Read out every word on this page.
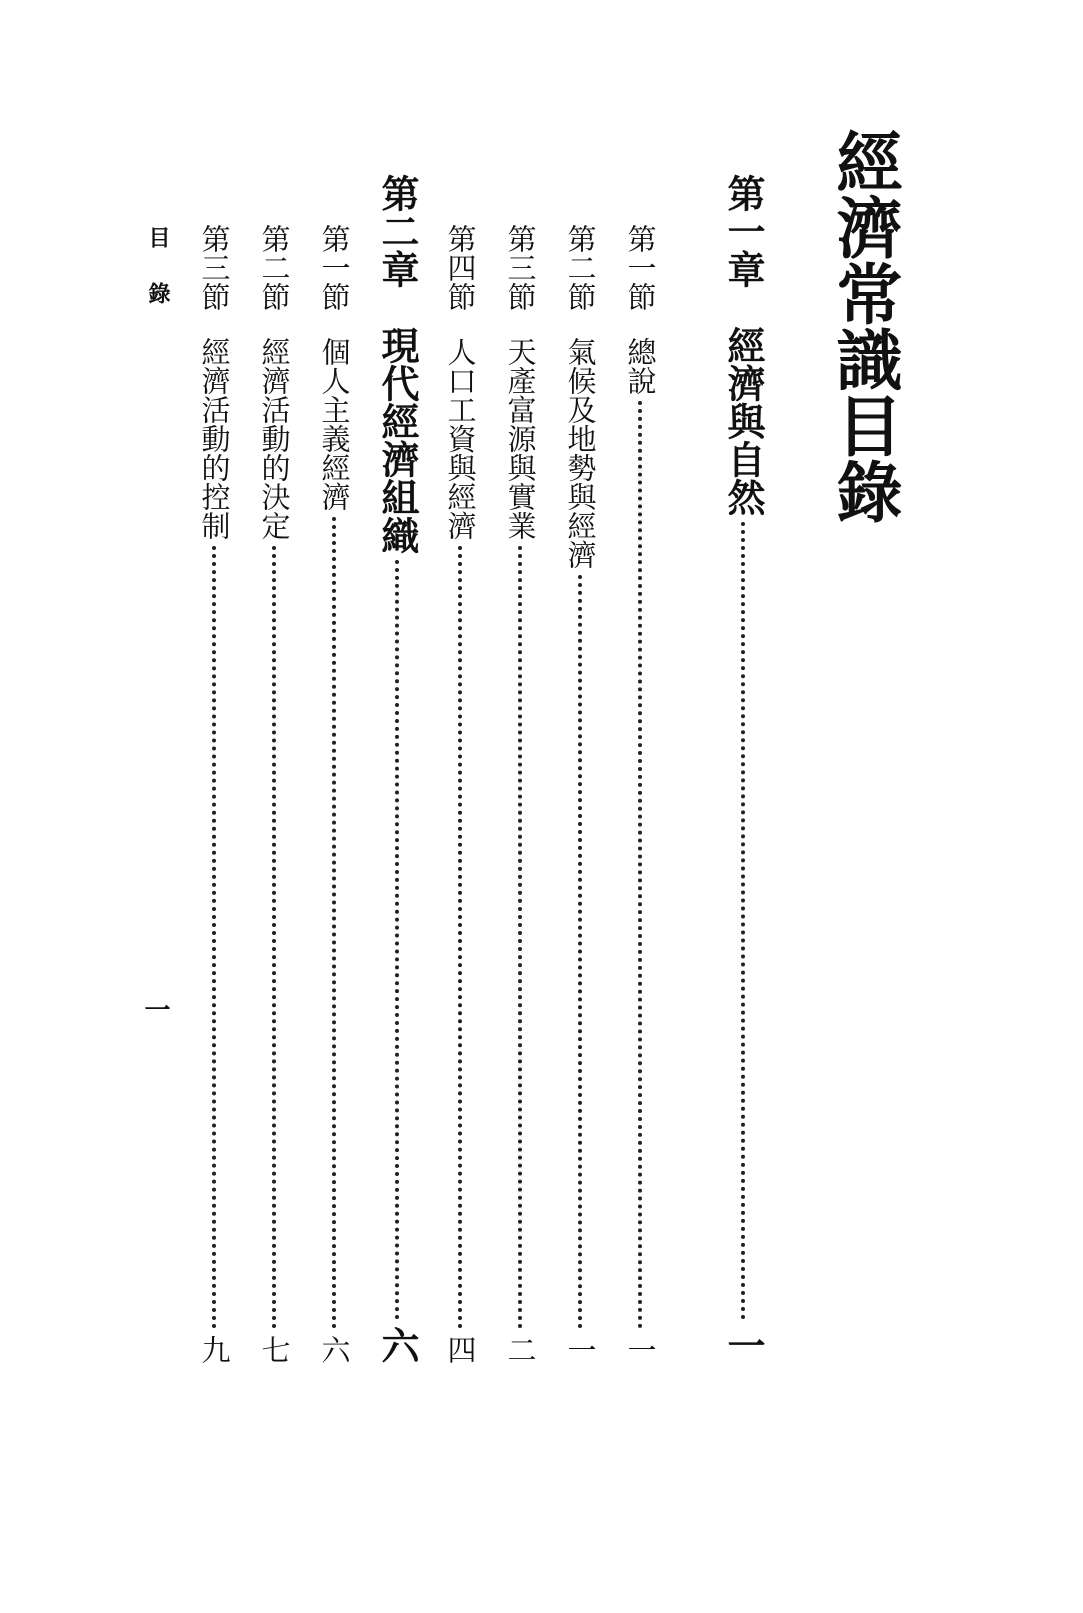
經濟常識目錄
第一章
經濟與自然
一
第一節
總說
一
第二節
氣候及地勢與經濟
一
第三節
天產富源與實業
二
第四節
人口工資與經濟
四
第二章
現代經濟組織
六
第一節
個人主義經濟
六
第二節
經濟活動的決定
七
第三節
經濟活動的控制
九
目錄
一
